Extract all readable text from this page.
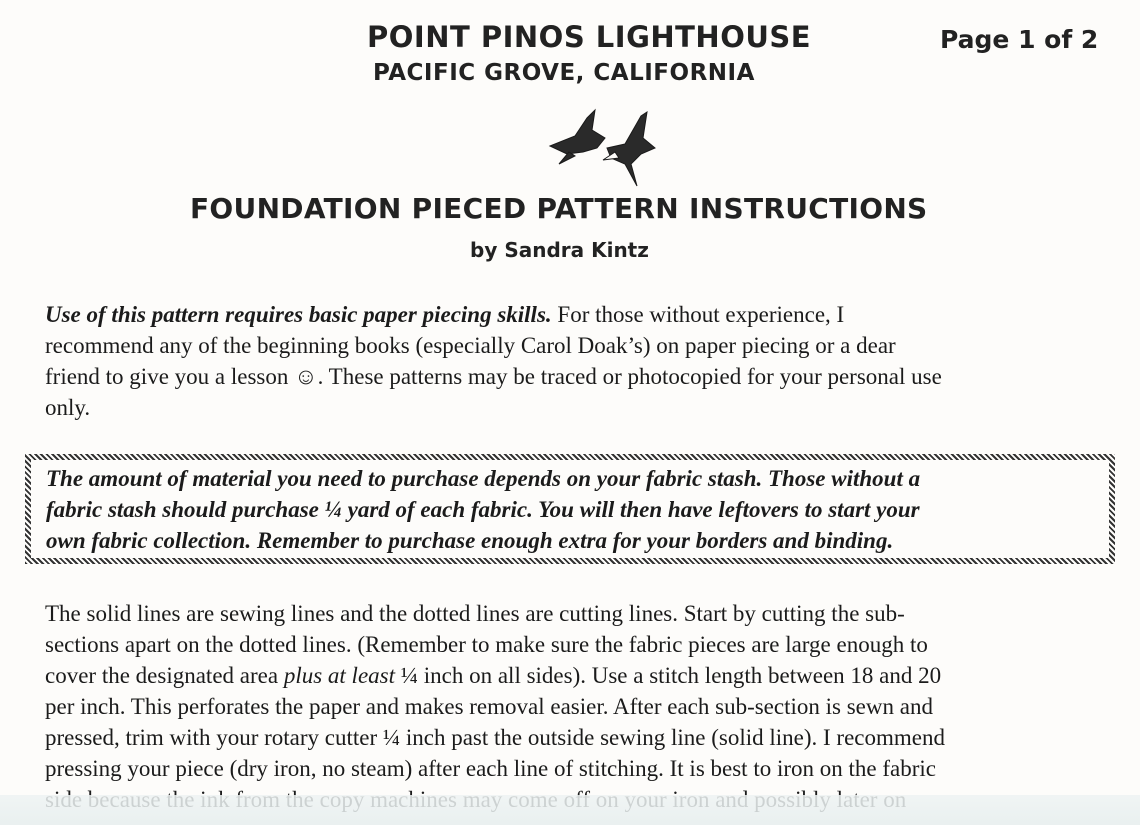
POINT PINOS LIGHTHOUSE
PACIFIC GROVE, CALIFORNIA
Page 1 of 2
FOUNDATION PIECED PATTERN INSTRUCTIONS
by Sandra Kintz
Use of this pattern requires basic paper piecing skills. For those without experience, I
recommend any of the beginning books (especially Carol Doak’s) on paper piecing or a dear
friend to give you a lesson ☺. These patterns may be traced or photocopied for your personal use
only.
The amount of material you need to purchase depends on your fabric stash. Those without a
fabric stash should purchase ¼ yard of each fabric. You will then have leftovers to start your
own fabric collection. Remember to purchase enough extra for your borders and binding.
The solid lines are sewing lines and the dotted lines are cutting lines. Start by cutting the sub-
sections apart on the dotted lines. (Remember to make sure the fabric pieces are large enough to
cover the designated area plus at least ¼ inch on all sides). Use a stitch length between 18 and 20
per inch. This perforates the paper and makes removal easier. After each sub-section is sewn and
pressed, trim with your rotary cutter ¼ inch past the outside sewing line (solid line). I recommend
pressing your piece (dry iron, no steam) after each line of stitching. It is best to iron on the fabric
